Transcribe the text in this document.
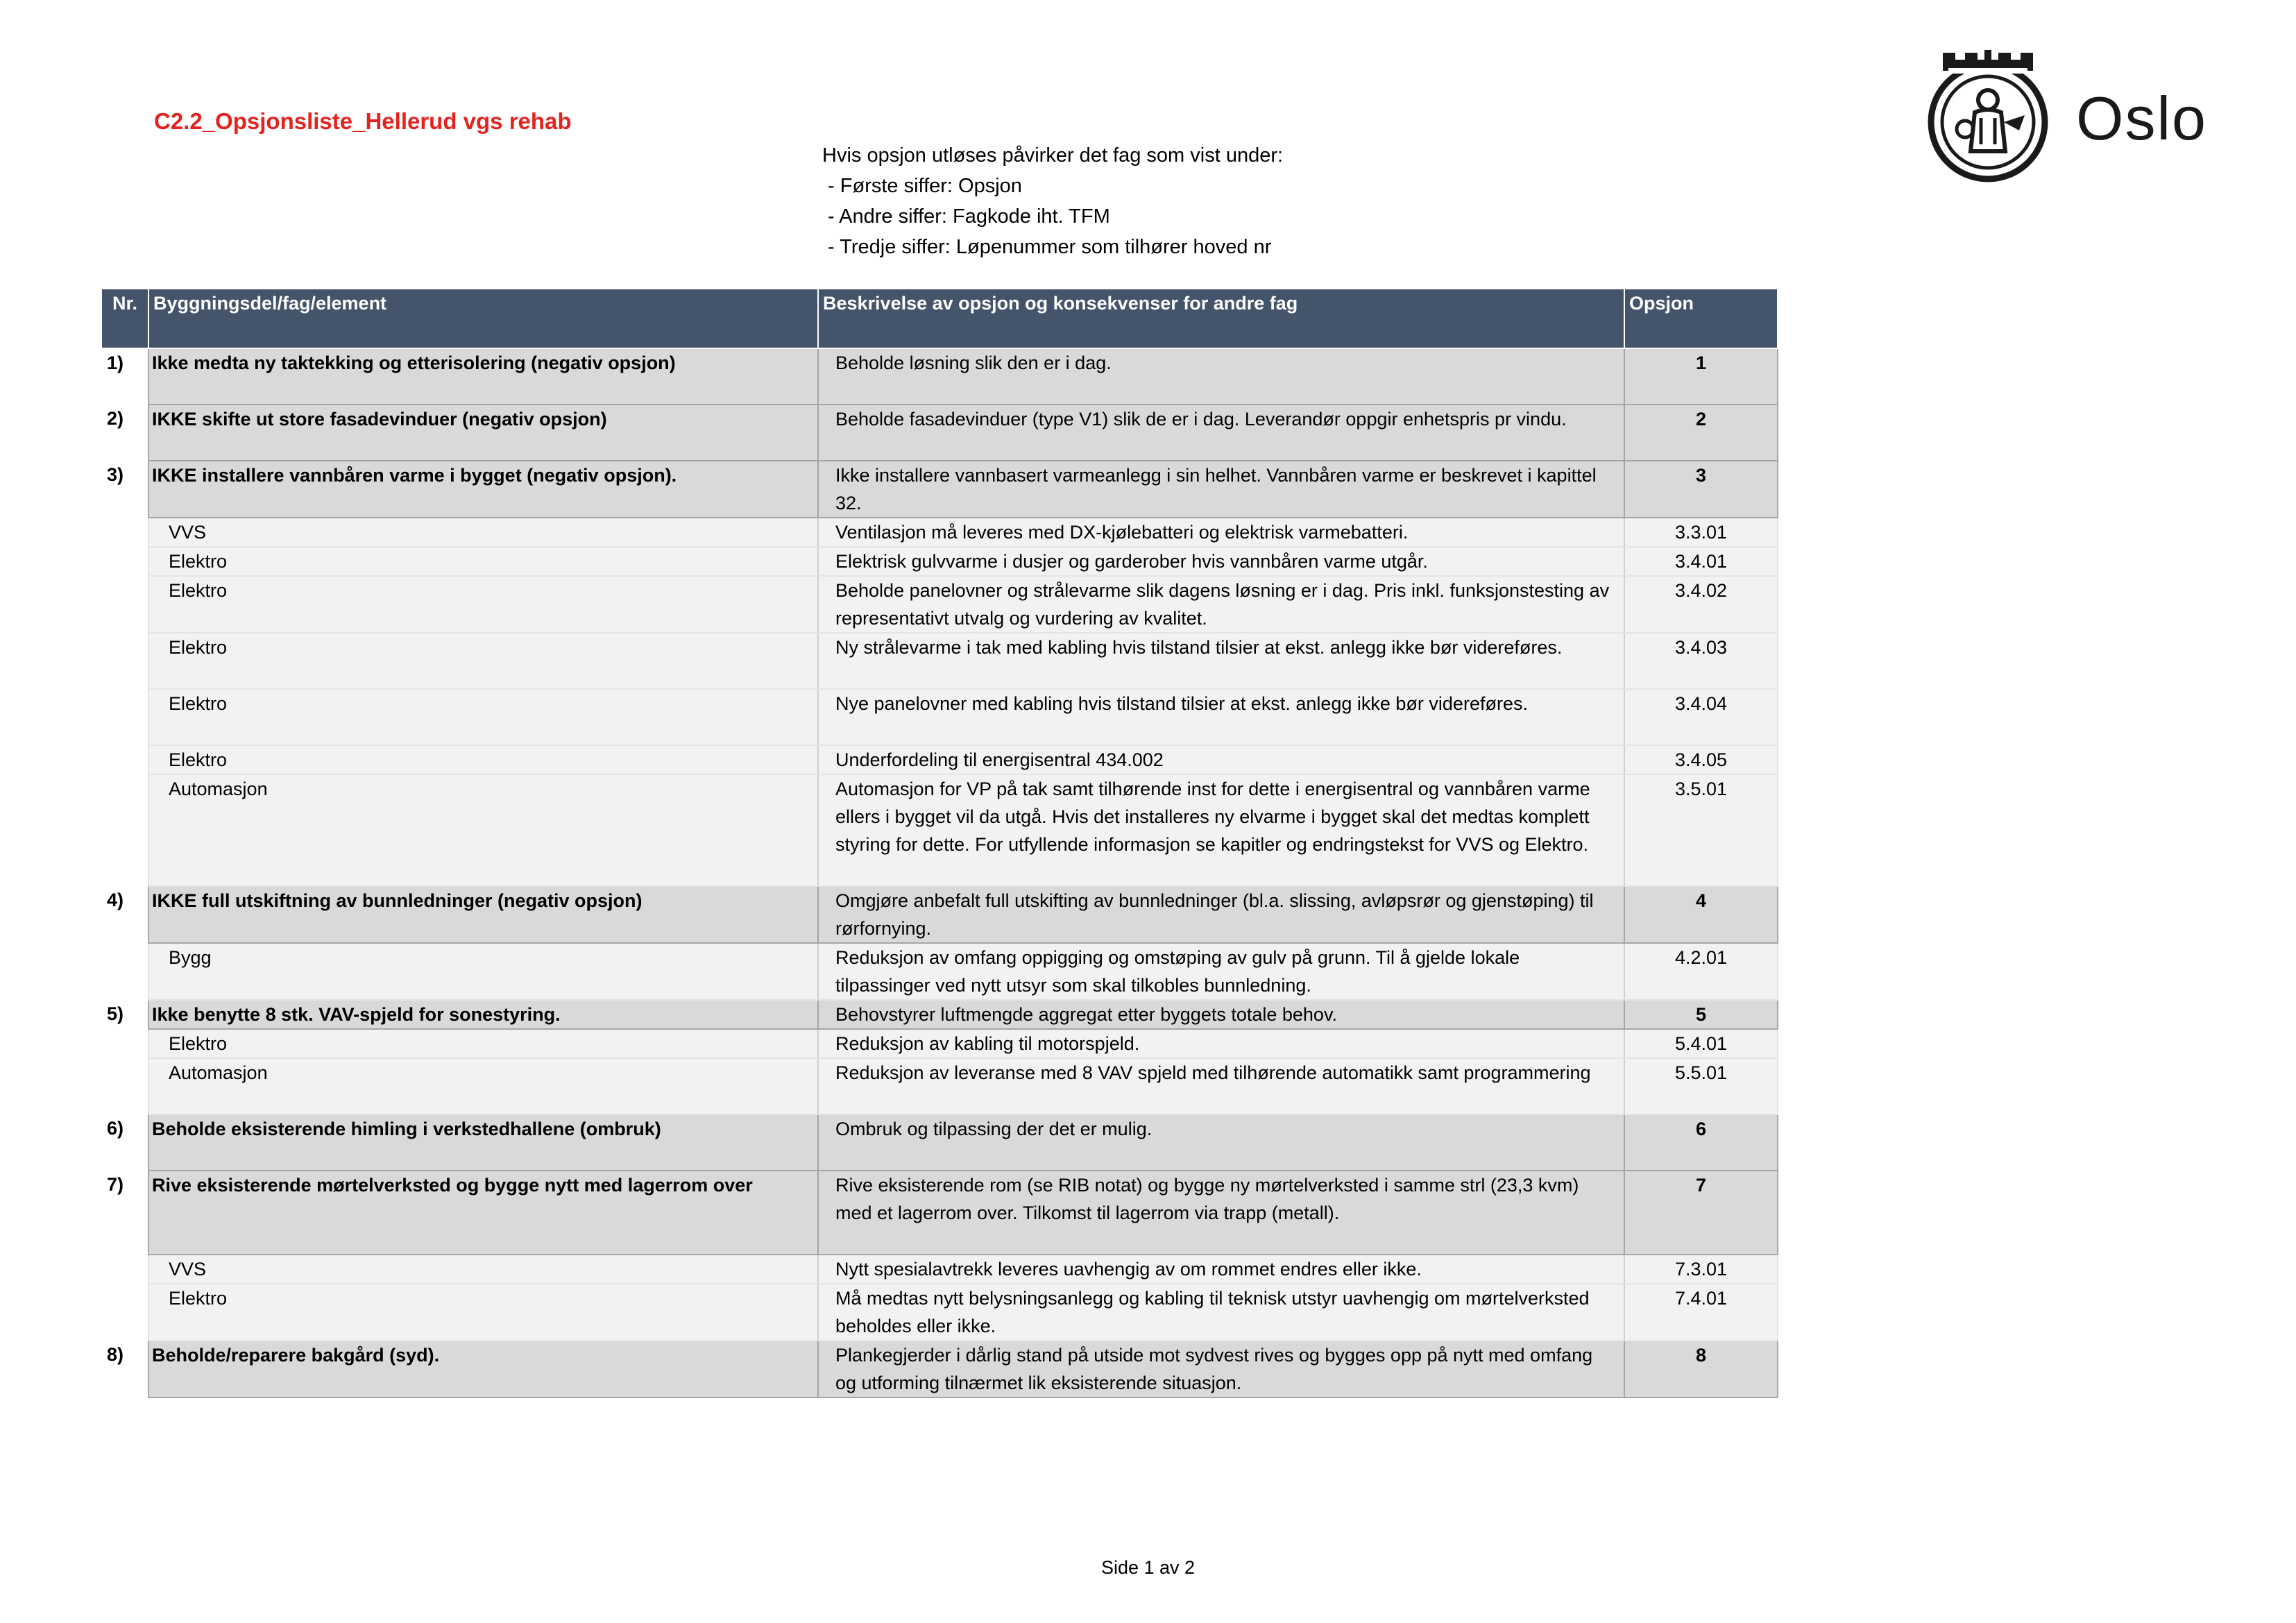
C2.2_Opsjonsliste_Hellerud vgs rehab
Hvis opsjon utløses påvirker det fag som vist under:
- Første siffer: Opsjon
- Andre siffer: Fagkode iht. TFM
- Tredje siffer: Løpenummer som tilhører hoved nr
Oslo
Nr.	Byggningsdel/fag/element	Beskrivelse av opsjon og konsekvenser for andre fag	Opsjon
1)	Ikke medta ny taktekking og etterisolering (negativ opsjon)	Beholde løsning slik den er i dag.	1
2)	IKKE skifte ut store fasadevinduer (negativ opsjon)	Beholde fasadevinduer (type V1) slik de er i dag. Leverandør oppgir enhetspris pr vindu.	2
3)	IKKE installere vannbåren varme i bygget (negativ opsjon).	Ikke installere vannbasert varmeanlegg i sin helhet. Vannbåren varme er beskrevet i kapittel 32.	3
	VVS	Ventilasjon må leveres med DX-kjølebatteri og elektrisk varmebatteri.	3.3.01
	Elektro	Elektrisk gulvvarme i dusjer og garderober hvis vannbåren varme utgår.	3.4.01
	Elektro	Beholde panelovner og strålevarme slik dagens løsning er i dag. Pris inkl. funksjonstesting av representativt utvalg og vurdering av kvalitet.	3.4.02
	Elektro	Ny strålevarme i tak med kabling hvis tilstand tilsier at ekst. anlegg ikke bør videreføres.	3.4.03
	Elektro	Nye panelovner med kabling hvis tilstand tilsier at ekst. anlegg ikke bør videreføres.	3.4.04
	Elektro	Underfordeling til energisentral 434.002	3.4.05
	Automasjon	Automasjon for VP på tak samt tilhørende inst for dette i energisentral og vannbåren varme ellers i bygget vil da utgå. Hvis det installeres ny elvarme i bygget skal det medtas komplett styring for dette. For utfyllende informasjon se kapitler og endringstekst for VVS og Elektro.	3.5.01
4)	IKKE full utskiftning av bunnledninger (negativ opsjon)	Omgjøre anbefalt full utskifting av bunnledninger (bl.a. slissing, avløpsrør og gjenstøping) til rørfornying.	4
	Bygg	Reduksjon av omfang oppigging og omstøping av gulv på grunn. Til å gjelde lokale tilpassinger ved nytt utsyr som skal tilkobles bunnledning.	4.2.01
5)	Ikke benytte 8 stk. VAV-spjeld for sonestyring.	Behovstyrer luftmengde aggregat etter byggets totale behov.	5
	Elektro	Reduksjon av kabling til motorspjeld.	5.4.01
	Automasjon	Reduksjon av leveranse med 8 VAV spjeld med tilhørende automatikk samt programmering	5.5.01
6)	Beholde eksisterende himling i verkstedhallene (ombruk)	Ombruk og tilpassing der det er mulig.	6
7)	Rive eksisterende mørtelverksted og bygge nytt med lagerrom over	Rive eksisterende rom (se RIB notat) og bygge ny mørtelverksted i samme strl (23,3 kvm) med et lagerrom over. Tilkomst til lagerrom via trapp (metall).	7
	VVS	Nytt spesialavtrekk leveres uavhengig av om rommet endres eller ikke.	7.3.01
	Elektro	Må medtas nytt belysningsanlegg og kabling til teknisk utstyr uavhengig om mørtelverksted beholdes eller ikke.	7.4.01
8)	Beholde/reparere bakgård (syd).	Plankegjerder i dårlig stand på utside mot sydvest rives og bygges opp på nytt med omfang og utforming tilnærmet lik eksisterende situasjon.	8
Side 1 av 2
